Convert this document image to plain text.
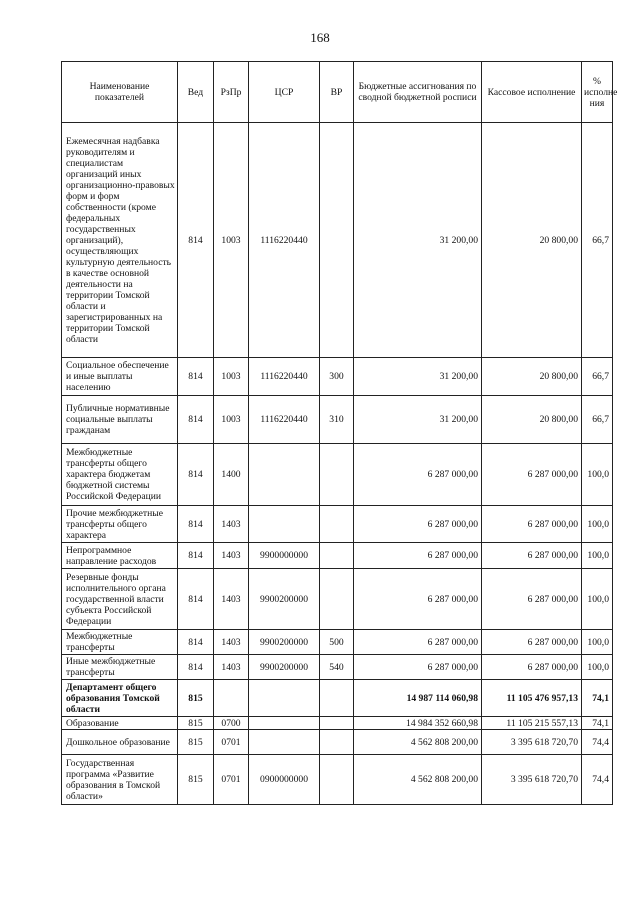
168
Наименование показателей	Вед	РзПр	ЦСР	ВР	Бюджетные ассигнования по сводной бюджетной росписи	Кассовое исполнение	% исполне ния
Ежемесячная надбавка руководителям и специалистам организаций иных организационно-правовых форм и форм собственности (кроме федеральных государственных организаций), осуществляющих культурную деятельность в качестве основной деятельности на территории Томской области и зарегистрированных на территории Томской области	814	1003	1116220440		31 200,00	20 800,00	66,7
Социальное обеспечение и иные выплаты населению	814	1003	1116220440	300	31 200,00	20 800,00	66,7
Публичные нормативные социальные выплаты гражданам	814	1003	1116220440	310	31 200,00	20 800,00	66,7
Межбюджетные трансферты общего характера бюджетам бюджетной системы Российской Федерации	814	1400			6 287 000,00	6 287 000,00	100,0
Прочие межбюджетные трансферты общего характера	814	1403			6 287 000,00	6 287 000,00	100,0
Непрограммное направление расходов	814	1403	9900000000		6 287 000,00	6 287 000,00	100,0
Резервные фонды исполнительного органа государственной власти субъекта Российской Федерации	814	1403	9900200000		6 287 000,00	6 287 000,00	100,0
Межбюджетные трансферты	814	1403	9900200000	500	6 287 000,00	6 287 000,00	100,0
Иные межбюджетные трансферты	814	1403	9900200000	540	6 287 000,00	6 287 000,00	100,0
Департамент общего образования Томской области	815				14 987 114 060,98	11 105 476 957,13	74,1
Образование	815	0700			14 984 352 660,98	11 105 215 557,13	74,1
Дошкольное образование	815	0701			4 562 808 200,00	3 395 618 720,70	74,4
Государственная программа «Развитие образования в Томской области»	815	0701	0900000000		4 562 808 200,00	3 395 618 720,70	74,4
